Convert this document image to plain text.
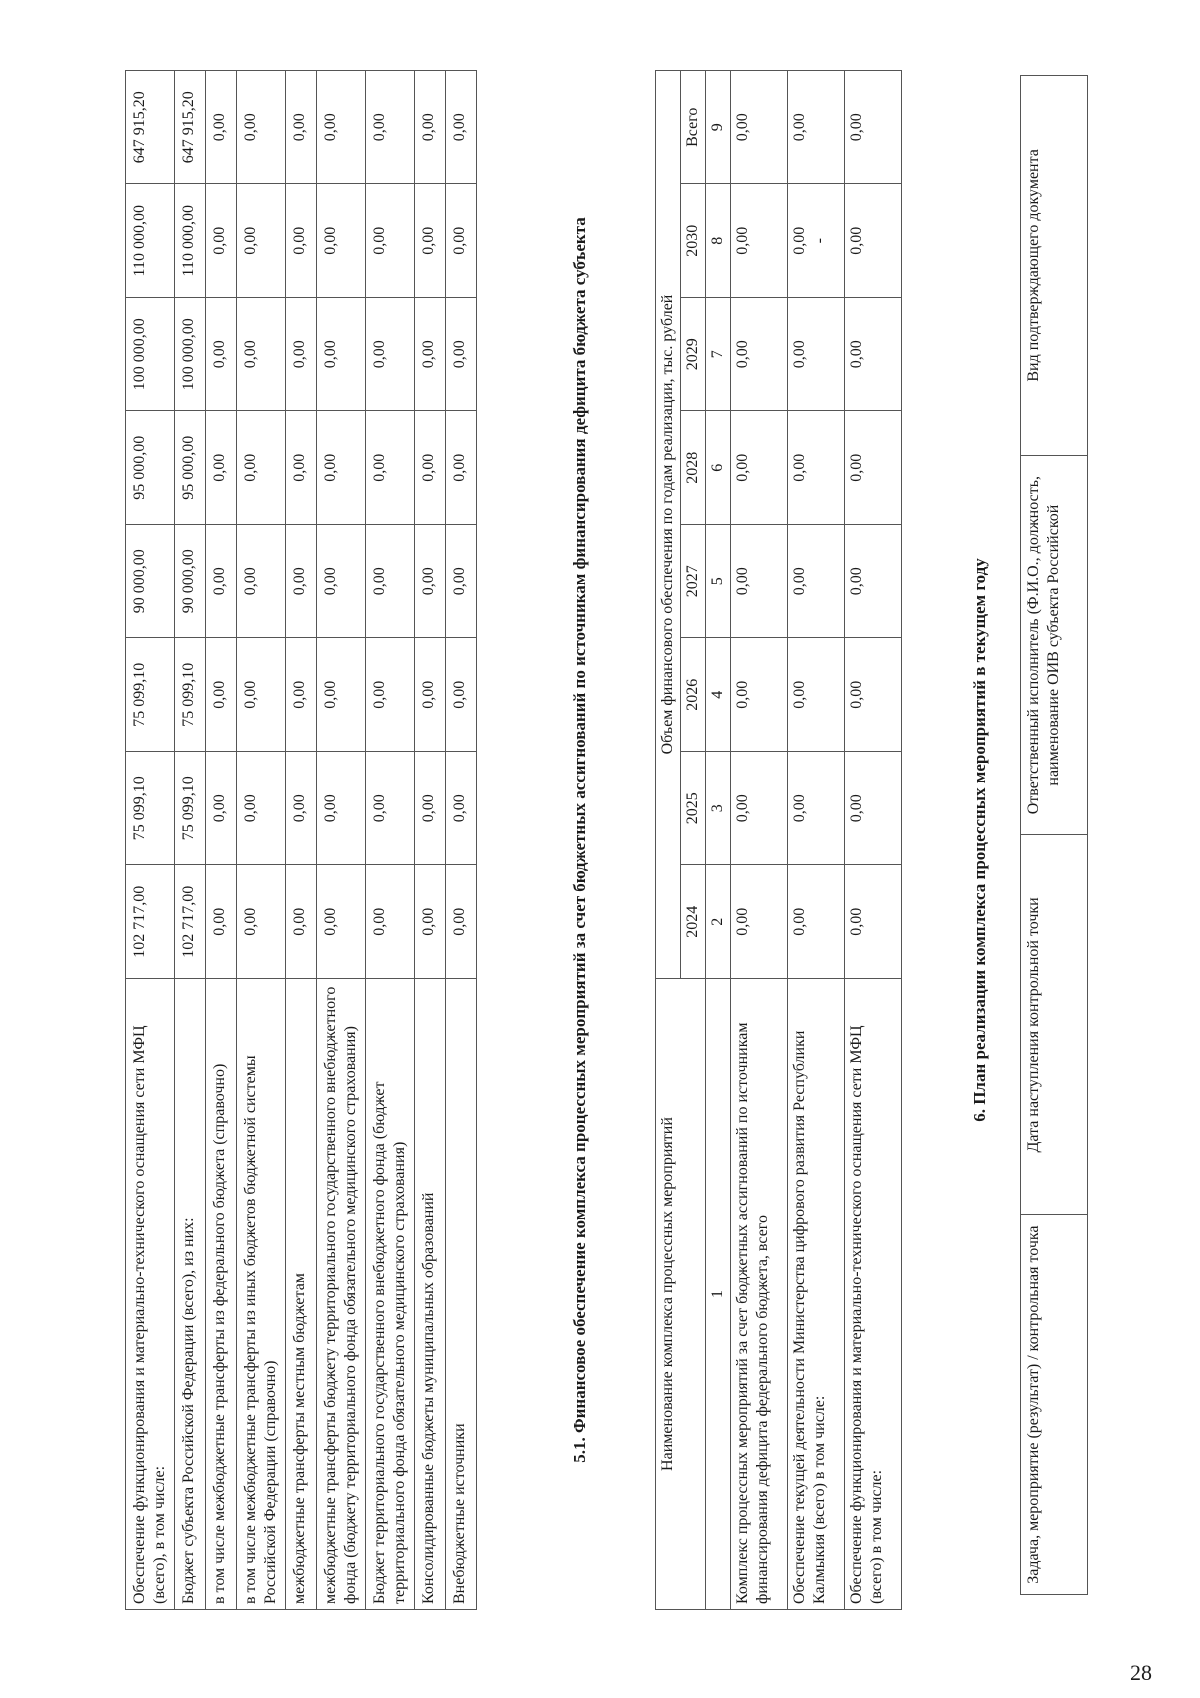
Обеспечение функционирования и материально-технического оснащения сети МФЦ (всего), в том числе:	102 717,00	75 099,10	75 099,10	90 000,00	95 000,00	100 000,00	110 000,00	647 915,20
Бюджет субъекта Российской Федерации (всего), из них:	102 717,00	75 099,10	75 099,10	90 000,00	95 000,00	100 000,00	110 000,00	647 915,20
в том числе межбюджетные трансферты из федерального бюджета (справочно)	0,00	0,00	0,00	0,00	0,00	0,00	0,00	0,00
в том числе межбюджетные трансферты из иных бюджетов бюджетной системы Российской Федерации (справочно)	0,00	0,00	0,00	0,00	0,00	0,00	0,00	0,00
межбюджетные трансферты местным бюджетам	0,00	0,00	0,00	0,00	0,00	0,00	0,00	0,00
межбюджетные трансферты бюджету территориального государственного внебюджетного фонда (бюджету территориального фонда обязательного медицинского страхования)	0,00	0,00	0,00	0,00	0,00	0,00	0,00	0,00
Бюджет территориального государственного внебюджетного фонда (бюджет территориального фонда обязательного медицинского страхования)	0,00	0,00	0,00	0,00	0,00	0,00	0,00	0,00
Консолидированные бюджеты муниципальных образований	0,00	0,00	0,00	0,00	0,00	0,00	0,00	0,00
Внебюджетные источники	0,00	0,00	0,00	0,00	0,00	0,00	0,00	0,00
5.1. Финансовое обеспечение комплекса процессных мероприятий за счет бюджетных ассигнований по источникам финансирования дефицита бюджета субъекта	Наименование комплекса процессных мероприятий	Объем финансового обеспечения по годам реализации, тыс. рублей							
	2024	2025	2026	2027	2028	2029	2030	Всего
1	2	3	4	5	6	7	8	9
Комплекс процессных мероприятий за счет бюджетных ассигнований по источникам финансирования дефицита федерального бюджета, всего	0,00	0,00	0,00	0,00	0,00	0,00	0,00	0,00
Обеспечение текущей деятельности Министерства цифрового развития Республики Калмыкия (всего) в том числе:	0,00	0,00	0,00	0,00	0,00	0,00	0,00 -	0,00
Обеспечение функционирования и материально-технического оснащения сети МФЦ (всего) в том числе:	0,00	0,00	0,00	0,00	0,00	0,00	0,00	0,00
6. План реализации комплекса процессных мероприятий в текущем году
Задача, мероприятие (результат) / контрольная точка	Дата наступления контрольной точки	Ответственный исполнитель (Ф.И.О., должность, наименование ОИВ субъекта Российской	Вид подтверждающего документа
28
